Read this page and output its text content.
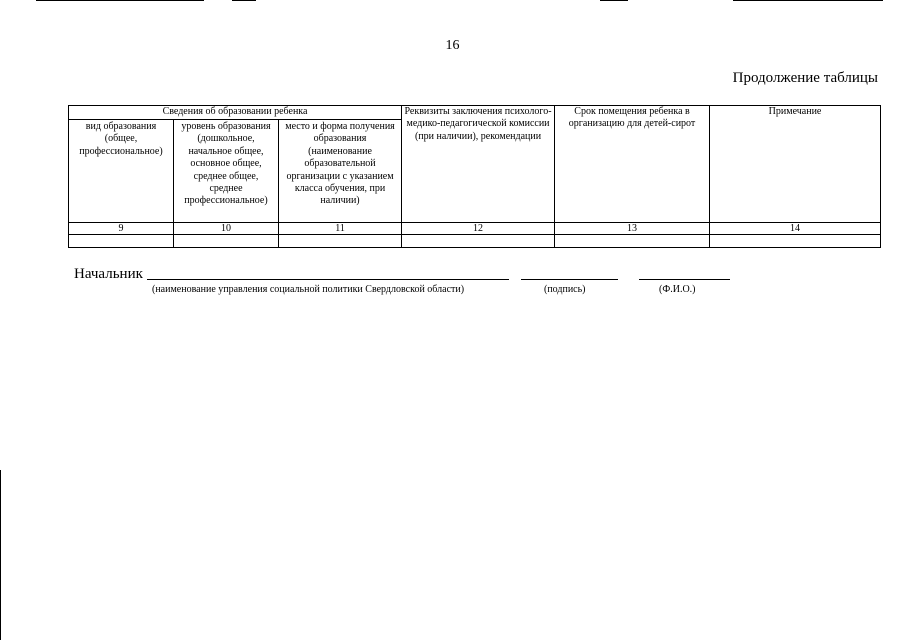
16
Продолжение таблицы
Сведения об образовании ребенка			Реквизиты заключения психолого-медико-педагогической комиссии (при наличии), рекомендации	Срок помещения ребенка в организацию для детей-сирот	Примечание
вид образования (общее, профессиональное)	уровень образования (дошкольное, начальное общее, основное общее, среднее общее, среднее профессиональное)	место и форма получения образования (наименование образовательной организации с указанием класса обучения, при наличии)			
9	10	11	12	13	14

Начальник
(наименование управления социальной политики Свердловской области)	(подпись)	(Ф.И.О.)
